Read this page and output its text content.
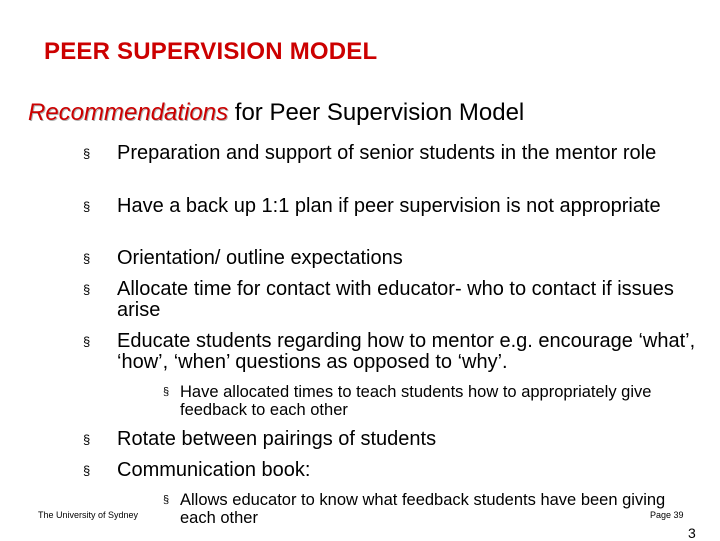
PEER SUPERVISION MODEL
Recommendations for Peer Supervision Model
§ Preparation and support of senior students in the mentor role
§ Have a back up 1:1 plan if peer supervision is not appropriate
§ Orientation/ outline expectations
§ Allocate time for contact with educator- who to contact if issues arise
§ Educate students regarding how to mentor e.g. encourage ‘what’, ‘how’, ‘when’ questions as opposed to ‘why’.
§ Have allocated times to teach students how to appropriately give feedback to each other
§ Rotate between pairings of students
§ Communication book:
§ Allows educator to know what feedback students have been giving each other
The University of Sydney	Page 39
3
